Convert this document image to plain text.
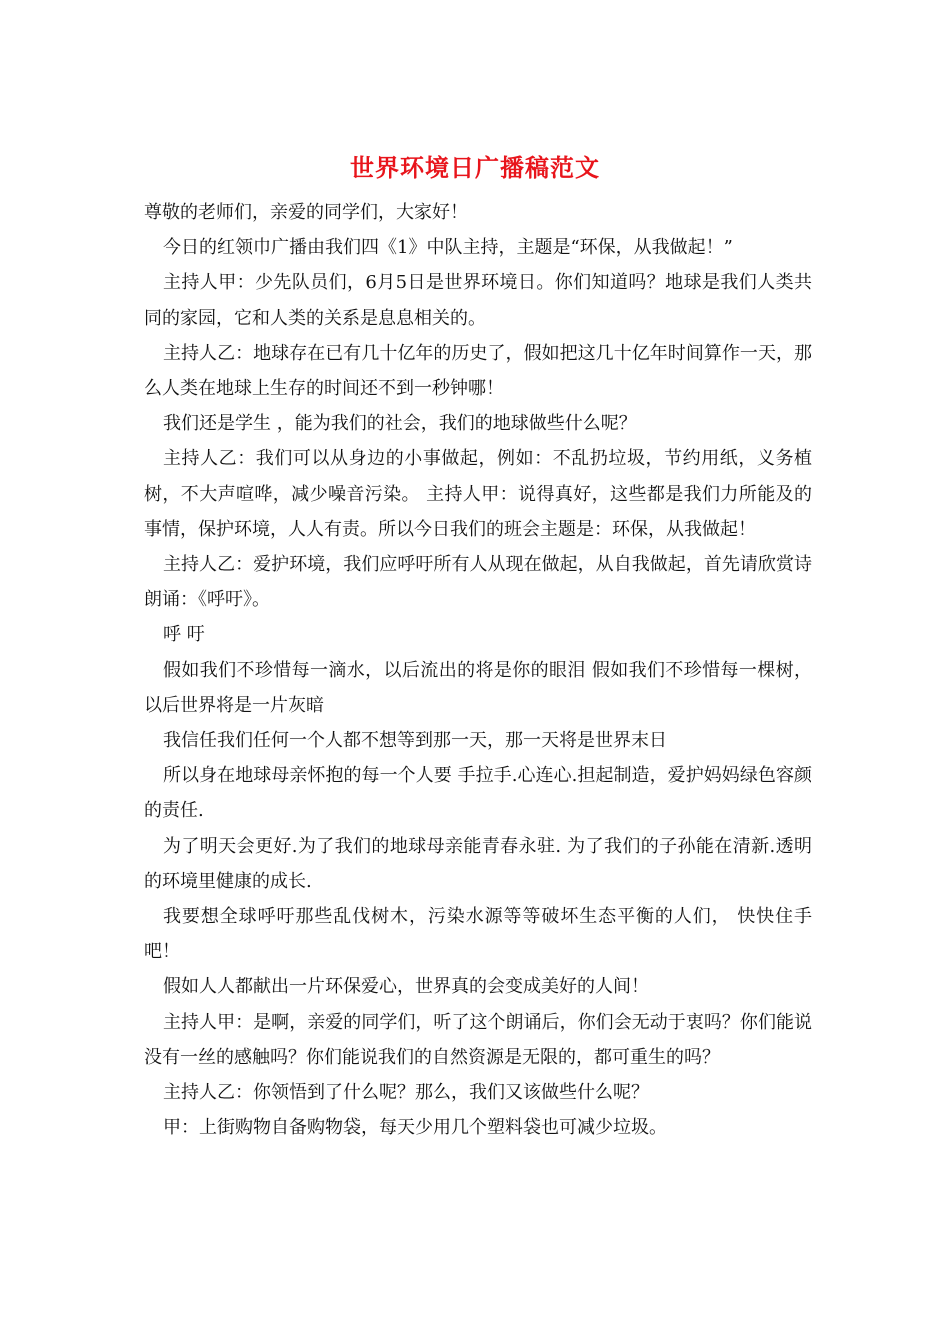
世界环境日广播稿范文

尊敬的老师们，亲爱的同学们，大家好！

今日的红领巾广播由我们四《1》中队主持，主题是“环保，从我做起！”

主持人甲：少先队员们，6月5日是世界环境日。你们知道吗？地球是我们人类共同的家园，它和人类的关系是息息相关的。

主持人乙：地球存在已有几十亿年的历史了，假如把这几十亿年时间算作一天，那么人类在地球上生存的时间还不到一秒钟哪！

我们还是学生 ，能为我们的社会，我们的地球做些什么呢？

主持人乙：我们可以从身边的小事做起，例如：不乱扔垃圾，节约用纸，义务植树，不大声喧哗，减少噪音污染。 主持人甲：说得真好，这些都是我们力所能及的事情，保护环境，人人有责。所以今日我们的班会主题是：环保，从我做起！

主持人乙：爱护环境，我们应呼吁所有人从现在做起，从自我做起，首先请欣赏诗朗诵：《呼吁》。

呼 吁

假如我们不珍惜每一滴水，以后流出的将是你的眼泪 假如我们不珍惜每一棵树，以后世界将是一片灰暗

我信任我们任何一个人都不想等到那一天，那一天将是世界末日

所以身在地球母亲怀抱的每一个人要 手拉手.心连心.担起制造，爱护妈妈绿色容颜的责任.

为了明天会更好.为了我们的地球母亲能青春永驻. 为了我们的子孙能在清新.透明的环境里健康的成长.

我要想全球呼吁那些乱伐树木，污染水源等等破坏生态平衡的人们， 快快住手吧！

假如人人都献出一片环保爱心，世界真的会变成美好的人间！

主持人甲：是啊，亲爱的同学们，听了这个朗诵后，你们会无动于衷吗？你们能说没有一丝的感触吗？你们能说我们的自然资源是无限的，都可重生的吗？

主持人乙：你领悟到了什么呢？那么，我们又该做些什么呢？

甲：上街购物自备购物袋，每天少用几个塑料袋也可减少垃圾。
